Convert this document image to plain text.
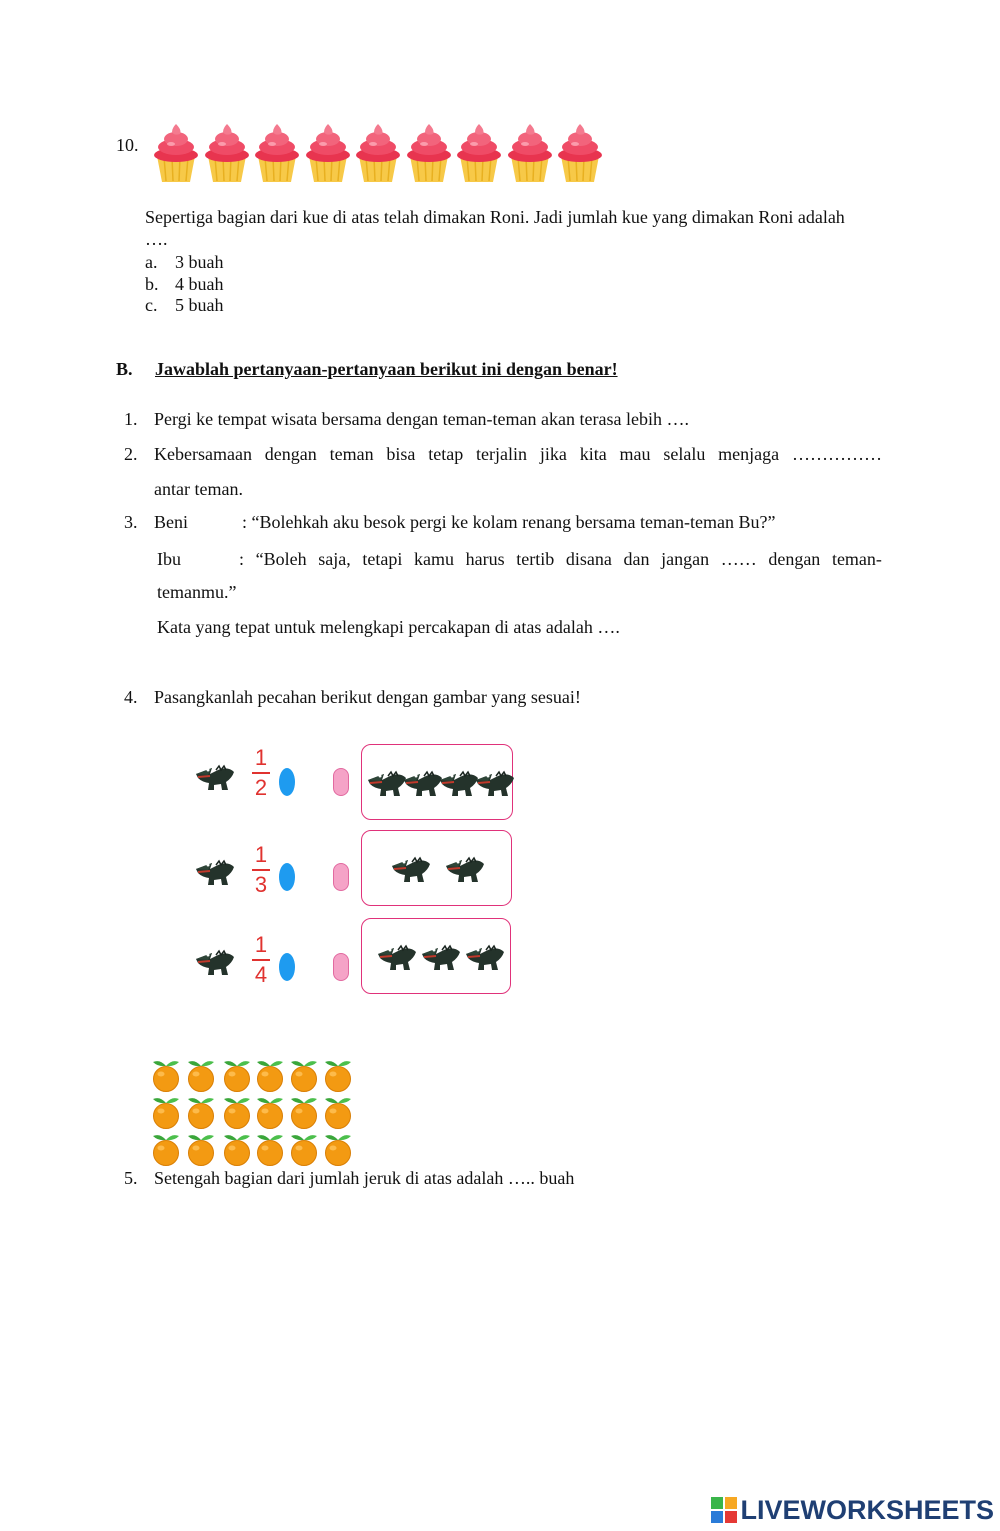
10.
Sepertiga bagian dari kue di atas telah dimakan Roni. Jadi jumlah kue yang dimakan Roni adalah ….
a. 3 buah
b. 4 buah
c. 5 buah
B. Jawablah pertanyaan-pertanyaan berikut ini dengan benar!
1. Pergi ke tempat wisata bersama dengan teman-teman akan terasa lebih ….
2. Kebersamaan dengan teman bisa tetap terjalin jika kita mau selalu menjaga ……………
antar teman.
3. Beni	: “Bolehkah aku besok pergi ke kolam renang bersama teman-teman Bu?”
Ibu	: “Boleh saja, tetapi kamu harus tertib disana dan jangan …… dengan teman-
temanmu.”
Kata yang tepat untuk melengkapi percakapan di atas adalah ….
4. Pasangkanlah pecahan berikut dengan gambar yang sesuai!
1
2
1
3
1
4
5. Setengah bagian dari jumlah jeruk di atas adalah ….. buah
LIVEWORKSHEETS
